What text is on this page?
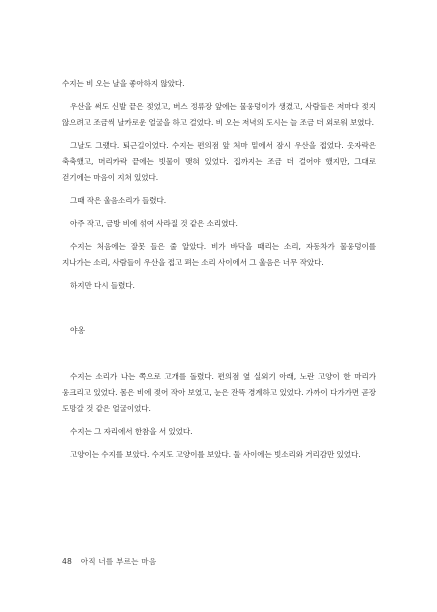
수지는 비 오는 날을 좋아하지 않았다.

우산을 써도 신발 끝은 젖었고, 버스 정류장 앞에는 물웅덩이가 생겼고, 사람들은 저마다 젖지 않으려고 조금씩 날카로운 얼굴을 하고 걸었다. 비 오는 저녁의 도시는 늘 조금 더 외로워 보였다.

그날도 그랬다. 퇴근길이었다. 수지는 편의점 앞 처마 밑에서 잠시 우산을 접었다. 옷자락은 축축했고, 머리카락 끝에는 빗물이 맺혀 있었다. 집까지는 조금 더 걸어야 했지만, 그대로 걷기에는 마음이 지쳐 있었다.

그때 작은 울음소리가 들렸다.

아주 작고, 금방 비에 섞여 사라질 것 같은 소리였다.

수지는 처음에는 잘못 들은 줄 알았다. 비가 바닥을 때리는 소리, 자동차가 물웅덩이를 지나가는 소리, 사람들이 우산을 접고 펴는 소리 사이에서 그 울음은 너무 작았다.

하지만 다시 들렸다.

야옹

수지는 소리가 나는 쪽으로 고개를 돌렸다. 편의점 옆 실외기 아래, 노란 고양이 한 마리가 웅크리고 있었다. 몸은 비에 젖어 작아 보였고, 눈은 잔뜩 경계하고 있었다. 가까이 다가가면 곧장 도망갈 것 같은 얼굴이었다.

수지는 그 자리에서 한참을 서 있었다.

고양이는 수지를 보았다. 수지도 고양이를 보았다. 둘 사이에는 빗소리와 거리감만 있었다.

48 아직 너를 부르는 마음
